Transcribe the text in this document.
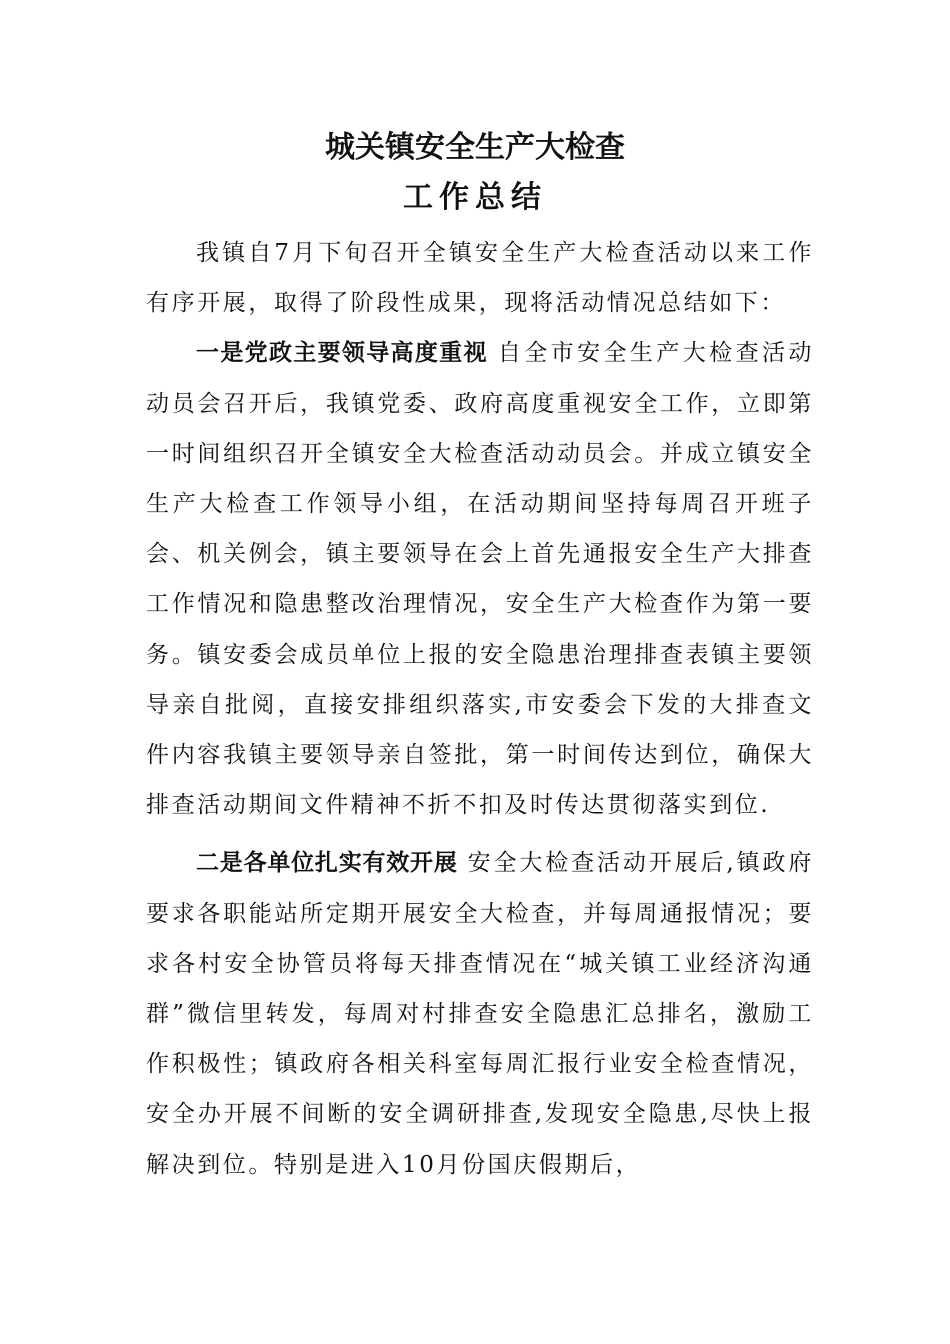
城关镇安全生产大检查
工作总结

我镇自7月下旬召开全镇安全生产大检查活动以来工作有序开展，取得了阶段性成果，现将活动情况总结如下：

一是党政主要领导高度重视 自全市安全生产大检查活动动员会召开后，我镇党委、政府高度重视安全工作，立即第一时间组织召开全镇安全大检查活动动员会。并成立镇安全生产大检查工作领导小组，在活动期间坚持每周召开班子会、机关例会，镇主要领导在会上首先通报安全生产大排查工作情况和隐患整改治理情况，安全生产大检查作为第一要务。镇安委会成员单位上报的安全隐患治理排查表镇主要领导亲自批阅，直接安排组织落实,市安委会下发的大排查文件内容我镇主要领导亲自签批，第一时间传达到位，确保大排查活动期间文件精神不折不扣及时传达贯彻落实到位.

二是各单位扎实有效开展 安全大检查活动开展后,镇政府要求各职能站所定期开展安全大检查，并每周通报情况；要求各村安全协管员将每天排查情况在“城关镇工业经济沟通群”微信里转发，每周对村排查安全隐患汇总排名，激励工作积极性；镇政府各相关科室每周汇报行业安全检查情况，安全办开展不间断的安全调研排查,发现安全隐患,尽快上报解决到位。特别是进入10月份国庆假期后，
